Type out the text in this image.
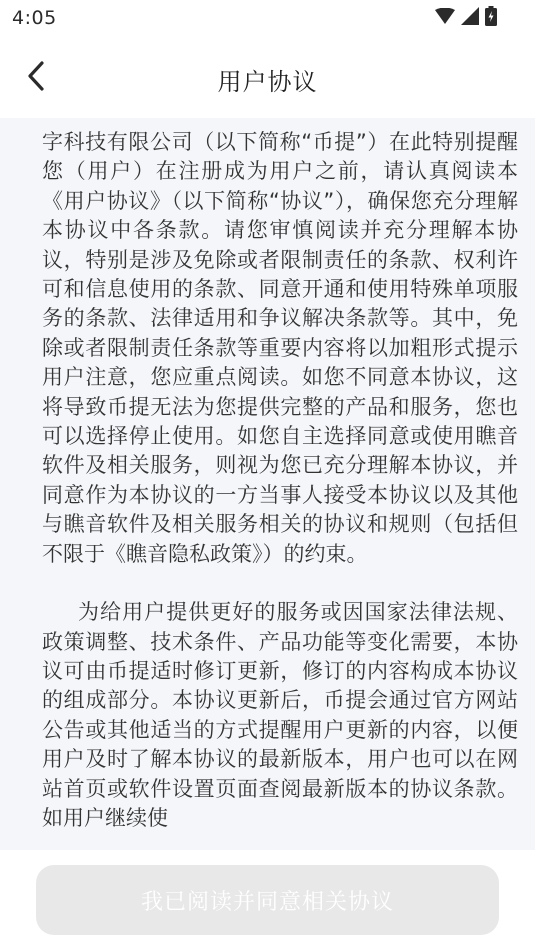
4:05
用户协议

字科技有限公司（以下简称“币提”）在此特别提醒您（用户）在注册成为用户之前，请认真阅读本《用户协议》（以下简称“协议”），确保您充分理解本协议中各条款。请您审慎阅读并充分理解本协议，特别是涉及免除或者限制责任的条款、权利许可和信息使用的条款、同意开通和使用特殊单项服务的条款、法律适用和争议解决条款等。其中，免除或者限制责任条款等重要内容将以加粗形式提示用户注意，您应重点阅读。如您不同意本协议，这将导致币提无法为您提供完整的产品和服务，您也可以选择停止使用。如您自主选择同意或使用瞧音软件及相关服务，则视为您已充分理解本协议，并同意作为本协议的一方当事人接受本协议以及其他与瞧音软件及相关服务相关的协议和规则（包括但不限于《瞧音隐私政策》）的约束。

为给用户提供更好的服务或因国家法律法规、政策调整、技术条件、产品功能等变化需要，本协议可由币提适时修订更新，修订的内容构成本协议的组成部分。本协议更新后，币提会通过官方网站公告或其他适当的方式提醒用户更新的内容，以便用户及时了解本协议的最新版本，用户也可以在网站首页或软件设置页面查阅最新版本的协议条款。如用户继续使

我已阅读并同意相关协议
